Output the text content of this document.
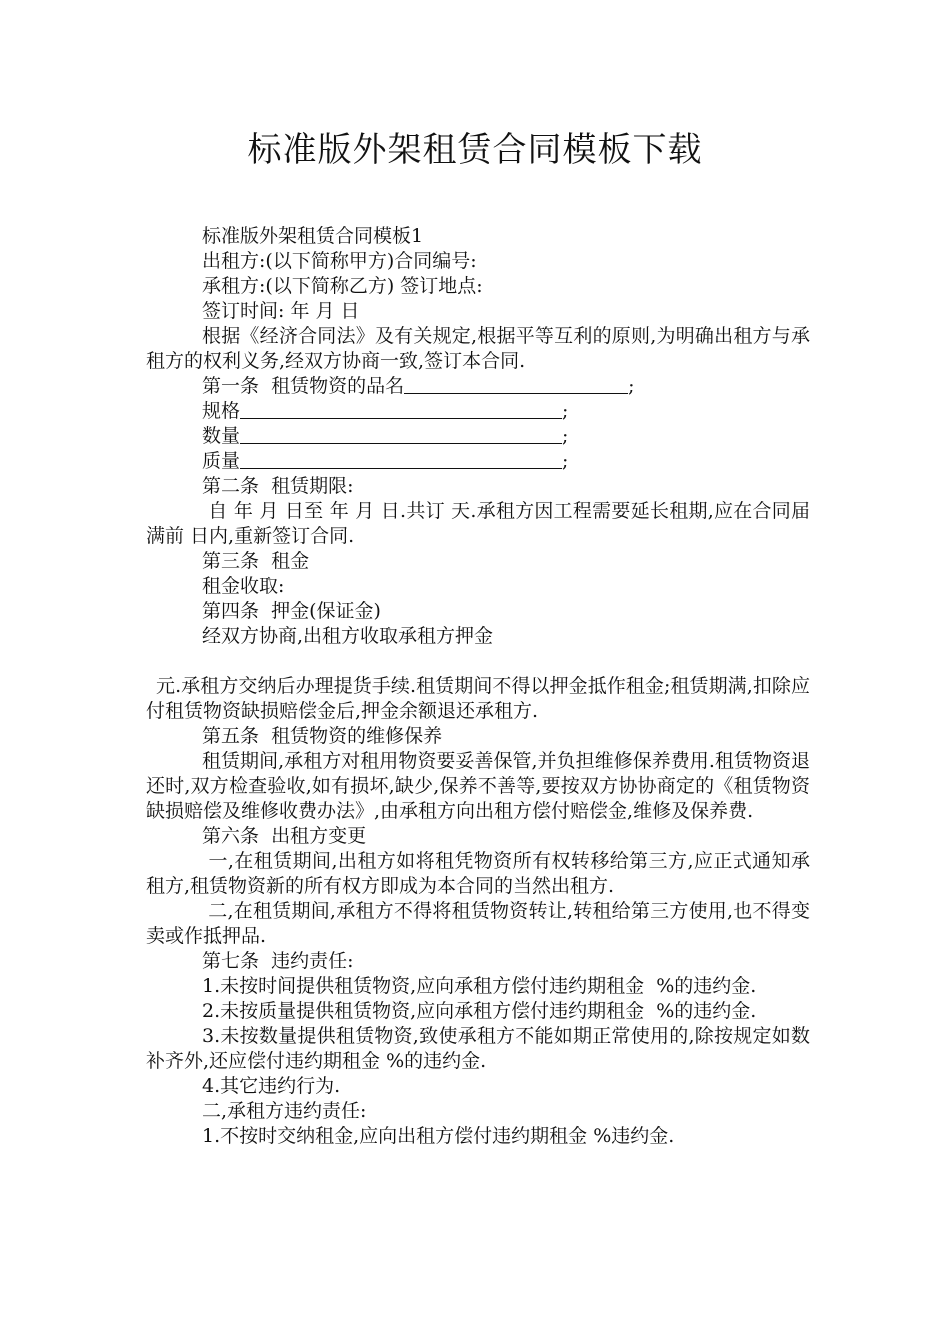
标准版外架租赁合同模板下载

标准版外架租赁合同模板1

出租方:(以下简称甲方)合同编号:

承租方:(以下简称乙方) 签订地点:

签订时间: 年 月 日

根据《经济合同法》及有关规定,根据平等互利的原则,为明确出租方与承租方的权利义务,经双方协商一致,签订本合同.

第一条  租赁物资的品名	;

规格	;

数量	;

质量	;

第二条  租赁期限:

自 年 月 日至 年 月 日.共订 天.承租方因工程需要延长租期,应在合同届满前 日内,重新签订合同.

第三条  租金

租金收取:

第四条  押金(保证金)

经双方协商,出租方收取承租方押金

元.承租方交纳后办理提货手续.租赁期间不得以押金抵作租金;租赁期满,扣除应付租赁物资缺损赔偿金后,押金余额退还承租方.

第五条  租赁物资的维修保养

租赁期间,承租方对租用物资要妥善保管,并负担维修保养费用.租赁物资退还时,双方检查验收,如有损坏,缺少,保养不善等,要按双方协协商定的《租赁物资缺损赔偿及维修收费办法》,由承租方向出租方偿付赔偿金,维修及保养费.

第六条  出租方变更

一,在租赁期间,出租方如将租凭物资所有权转移给第三方,应正式通知承租方,租赁物资新的所有权方即成为本合同的当然出租方.

二,在租赁期间,承租方不得将租赁物资转让,转租给第三方使用,也不得变卖或作抵押品.

第七条  违约责任:

1.未按时间提供租赁物资,应向承租方偿付违约期租金  %的违约金.

2.未按质量提供租赁物资,应向承租方偿付违约期租金  %的违约金.

3.未按数量提供租赁物资,致使承租方不能如期正常使用的,除按规定如数补齐外,还应偿付违约期租金 %的违约金.

4.其它违约行为.

二,承租方违约责任:

1.不按时交纳租金,应向出租方偿付违约期租金 %违约金.
